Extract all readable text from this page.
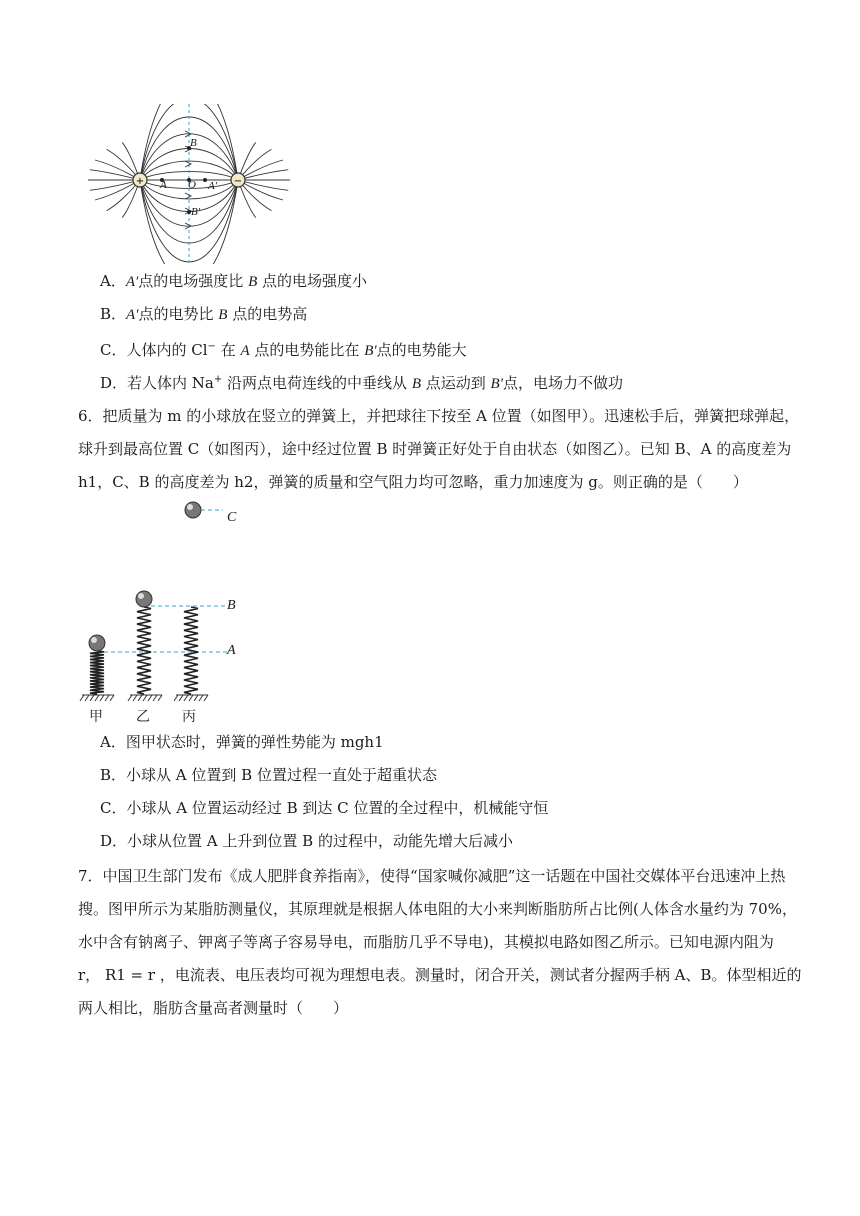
+	−
B
O
A	A′
B′
A．A′点的电场强度比 B 点的电场强度小
B．A′点的电势比 B 点的电势高
C．人体内的 Cl− 在 A 点的电势能比在 B′点的电势能大
D．若人体内 Na+ 沿两点电荷连线的中垂线从 B 点运动到 B′点，电场力不做功
6．把质量为 m 的小球放在竖立的弹簧上，并把球往下按至 A 位置（如图甲）。迅速松手后，弹簧把球弹起，
球升到最高位置 C（如图丙），途中经过位置 B 时弹簧正好处于自由状态（如图乙）。已知 B、A 的高度差为
h1，C、B 的高度差为 h2，弹簧的质量和空气阻力均可忽略，重力加速度为 g。则正确的是（　　）
C
B
A
甲 乙 丙
A．图甲状态时，弹簧的弹性势能为 mgh1
B．小球从 A 位置到 B 位置过程一直处于超重状态
C．小球从 A 位置运动经过 B 到达 C 位置的全过程中，机械能守恒
D．小球从位置 A 上升到位置 B 的过程中，动能先增大后减小
7．中国卫生部门发布《成人肥胖食养指南》，使得“国家喊你减肥”这一话题在中国社交媒体平台迅速冲上热
搜。图甲所示为某脂肪测量仪，其原理就是根据人体电阻的大小来判断脂肪所占比例(人体含水量约为 70%，
水中含有钠离子、钾离子等离子容易导电，而脂肪几乎不导电)，其模拟电路如图乙所示。已知电源内阻为
r， R1 = r ，电流表、电压表均可视为理想电表。测量时，闭合开关，测试者分握两手柄 A、B。体型相近的
两人相比，脂肪含量高者测量时（　　）
